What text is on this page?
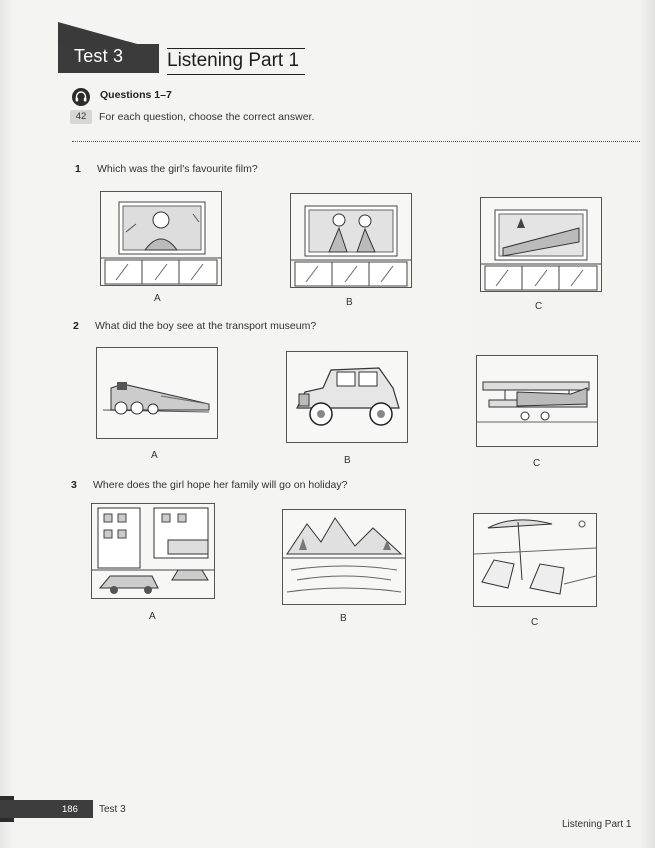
Test 3 Listening Part 1
Questions 1–7
42	For each question, choose the correct answer.
1 Which was the girl's favourite film?
A	B	C
2 What did the boy see at the transport museum?
A	B	C
3 Where does the girl hope her family will go on holiday?
A	B	C
186 Test 3
Listening Part 1
